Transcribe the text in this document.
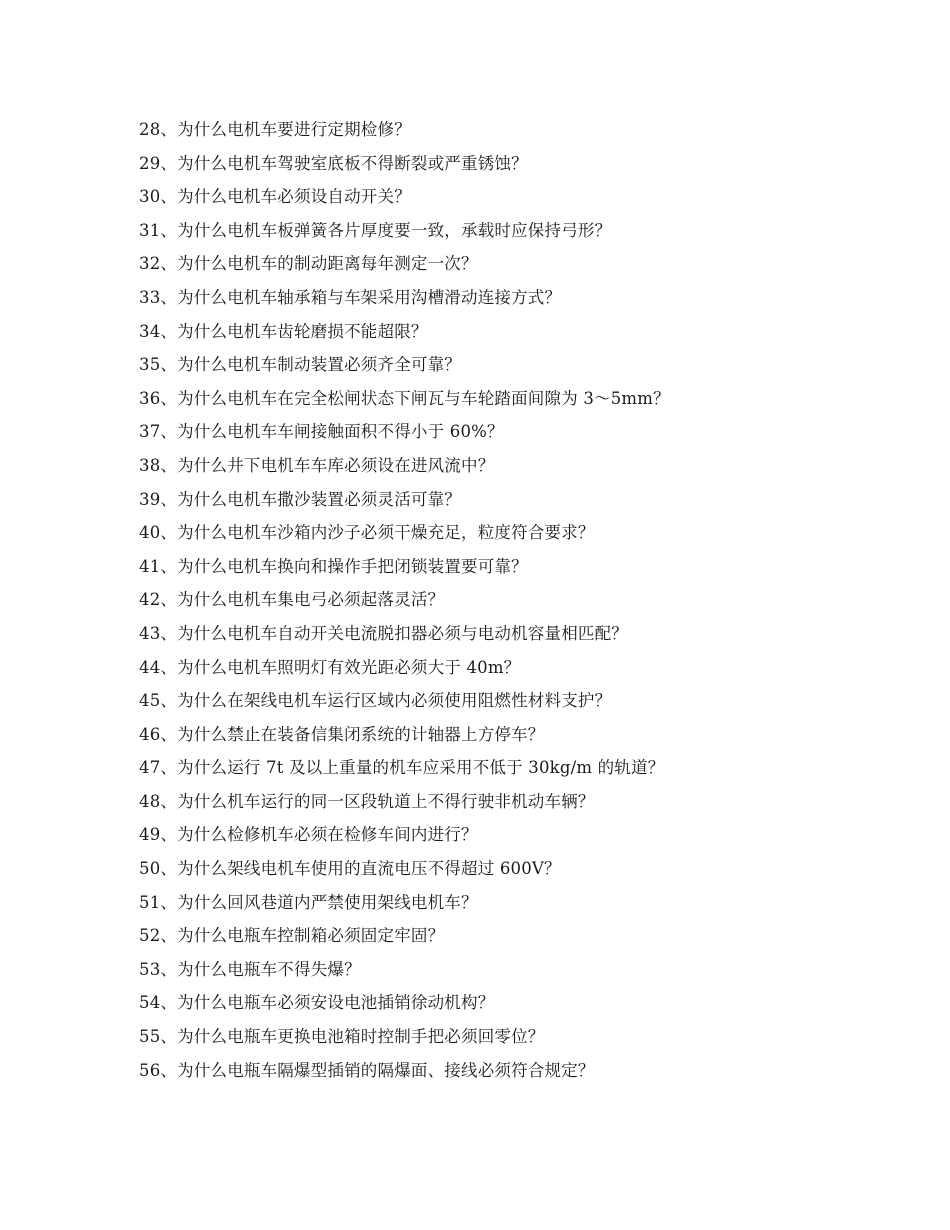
28、为什么电机车要进行定期检修？
29、为什么电机车驾驶室底板不得断裂或严重锈蚀？
30、为什么电机车必须设自动开关？
31、为什么电机车板弹簧各片厚度要一致，承载时应保持弓形？
32、为什么电机车的制动距离每年测定一次？
33、为什么电机车轴承箱与车架采用沟槽滑动连接方式？
34、为什么电机车齿轮磨损不能超限？
35、为什么电机车制动装置必须齐全可靠？
36、为什么电机车在完全松闸状态下闸瓦与车轮踏面间隙为 3～5mm？
37、为什么电机车车闸接触面积不得小于 60%？
38、为什么井下电机车车库必须设在进风流中？
39、为什么电机车撒沙装置必须灵活可靠？
40、为什么电机车沙箱内沙子必须干燥充足，粒度符合要求？
41、为什么电机车换向和操作手把闭锁装置要可靠？
42、为什么电机车集电弓必须起落灵活？
43、为什么电机车自动开关电流脱扣器必须与电动机容量相匹配？
44、为什么电机车照明灯有效光距必须大于 40m？
45、为什么在架线电机车运行区域内必须使用阻燃性材料支护？
46、为什么禁止在装备信集闭系统的计轴器上方停车？
47、为什么运行 7t 及以上重量的机车应采用不低于 30kg/m 的轨道？
48、为什么机车运行的同一区段轨道上不得行驶非机动车辆？
49、为什么检修机车必须在检修车间内进行？
50、为什么架线电机车使用的直流电压不得超过 600V？
51、为什么回风巷道内严禁使用架线电机车？
52、为什么电瓶车控制箱必须固定牢固？
53、为什么电瓶车不得失爆？
54、为什么电瓶车必须安设电池插销徐动机构？
55、为什么电瓶车更换电池箱时控制手把必须回零位？
56、为什么电瓶车隔爆型插销的隔爆面、接线必须符合规定？
